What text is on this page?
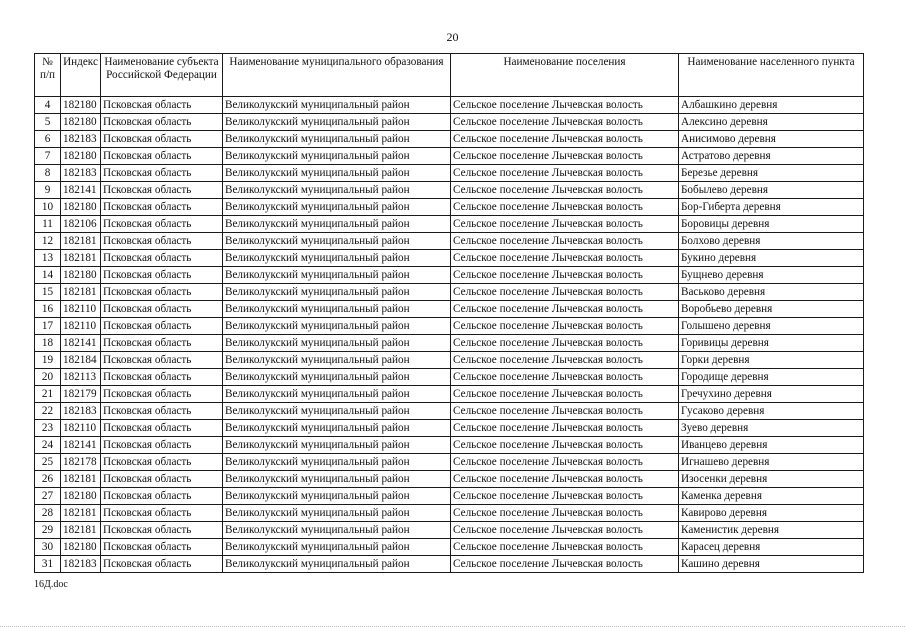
20
№ п/п	Индекс	Наименование субъекта Российской Федерации	Наименование муниципального образования	Наименование поселения	Наименование населенного пункта
4	182180	Псковская область	Великолукский муниципальный район	Сельское поселение Лычевская волость	Албашкино деревня
5	182180	Псковская область	Великолукский муниципальный район	Сельское поселение Лычевская волость	Алексино деревня
6	182183	Псковская область	Великолукский муниципальный район	Сельское поселение Лычевская волость	Анисимово деревня
7	182180	Псковская область	Великолукский муниципальный район	Сельское поселение Лычевская волость	Астратово деревня
8	182183	Псковская область	Великолукский муниципальный район	Сельское поселение Лычевская волость	Березье деревня
9	182141	Псковская область	Великолукский муниципальный район	Сельское поселение Лычевская волость	Бобылево деревня
10	182180	Псковская область	Великолукский муниципальный район	Сельское поселение Лычевская волость	Бор-Гиберта деревня
11	182106	Псковская область	Великолукский муниципальный район	Сельское поселение Лычевская волость	Боровицы деревня
12	182181	Псковская область	Великолукский муниципальный район	Сельское поселение Лычевская волость	Болхово деревня
13	182181	Псковская область	Великолукский муниципальный район	Сельское поселение Лычевская волость	Букино деревня
14	182180	Псковская область	Великолукский муниципальный район	Сельское поселение Лычевская волость	Бущнево деревня
15	182181	Псковская область	Великолукский муниципальный район	Сельское поселение Лычевская волость	Васьково деревня
16	182110	Псковская область	Великолукский муниципальный район	Сельское поселение Лычевская волость	Воробьево деревня
17	182110	Псковская область	Великолукский муниципальный район	Сельское поселение Лычевская волость	Голышено деревня
18	182141	Псковская область	Великолукский муниципальный район	Сельское поселение Лычевская волость	Горивицы деревня
19	182184	Псковская область	Великолукский муниципальный район	Сельское поселение Лычевская волость	Горки деревня
20	182113	Псковская область	Великолукский муниципальный район	Сельское поселение Лычевская волость	Городище деревня
21	182179	Псковская область	Великолукский муниципальный район	Сельское поселение Лычевская волость	Гречухино деревня
22	182183	Псковская область	Великолукский муниципальный район	Сельское поселение Лычевская волость	Гусаково деревня
23	182110	Псковская область	Великолукский муниципальный район	Сельское поселение Лычевская волость	Зуево деревня
24	182141	Псковская область	Великолукский муниципальный район	Сельское поселение Лычевская волость	Иванцево деревня
25	182178	Псковская область	Великолукский муниципальный район	Сельское поселение Лычевская волость	Игнашево деревня
26	182181	Псковская область	Великолукский муниципальный район	Сельское поселение Лычевская волость	Изосенки деревня
27	182180	Псковская область	Великолукский муниципальный район	Сельское поселение Лычевская волость	Каменка деревня
28	182181	Псковская область	Великолукский муниципальный район	Сельское поселение Лычевская волость	Кавирово деревня
29	182181	Псковская область	Великолукский муниципальный район	Сельское поселение Лычевская волость	Каменистик деревня
30	182180	Псковская область	Великолукский муниципальный район	Сельское поселение Лычевская волость	Карасец деревня
31	182183	Псковская область	Великолукский муниципальный район	Сельское поселение Лычевская волость	Кашино деревня
16Д.doc
